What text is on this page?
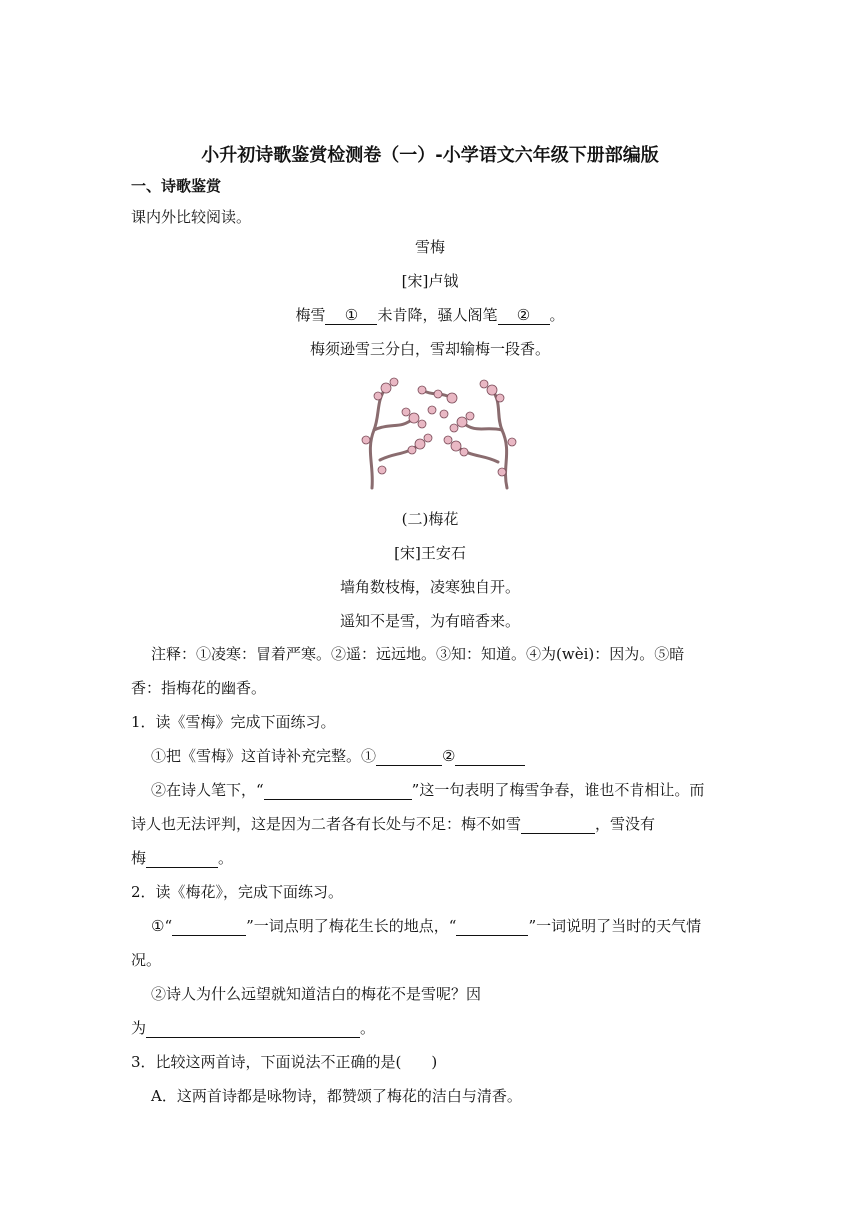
小升初诗歌鉴赏检测卷（一）-小学语文六年级下册部编版
一、诗歌鉴赏
课内外比较阅读。
雪梅
[宋]卢钺
梅雪 ① 未肯降，骚人阁笔 ② 。
梅须逊雪三分白，雪却输梅一段香。
(二)梅花
[宋]王安石
墙角数枝梅，凌寒独自开。
遥知不是雪，为有暗香来。
注释：①凌寒：冒着严寒。②遥：远远地。③知：知道。④为(wèi)：因为。⑤暗
香：指梅花的幽香。
1．读《雪梅》完成下面练习。
①把《雪梅》这首诗补充完整。①	②
②在诗人笔下，“	”这一句表明了梅雪争春，谁也不肯相让。而
诗人也无法评判，这是因为二者各有长处与不足：梅不如雪	，雪没有
梅	。
2．读《梅花》，完成下面练习。
①“	”一词点明了梅花生长的地点，“	”一词说明了当时的天气情
况。
②诗人为什么远望就知道洁白的梅花不是雪呢？因
为	。
3．比较这两首诗，下面说法不正确的是( )
A．这两首诗都是咏物诗，都赞颂了梅花的洁白与清香。
